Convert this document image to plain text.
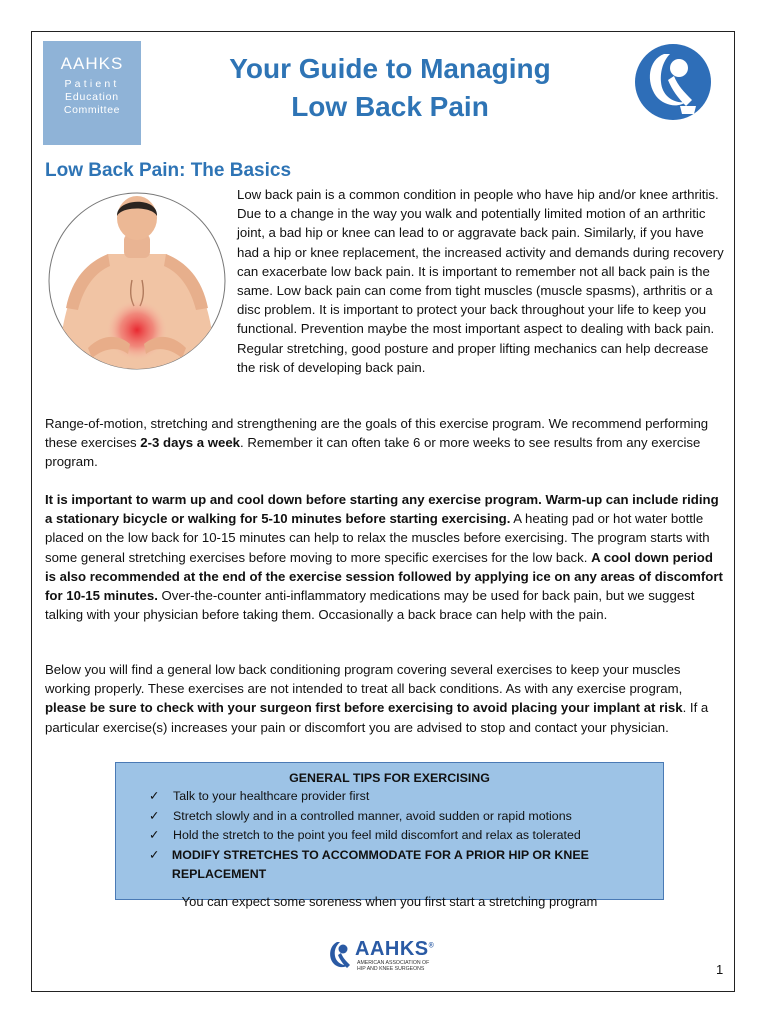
AAHKS
Patient
Education
Committee
Your Guide to Managing
Low Back Pain
Low Back Pain: The Basics
Low back pain is a common condition in people who have hip and/or knee arthritis. Due to a change in the way you walk and potentially limited motion of an arthritic joint, a bad hip or knee can lead to or aggravate back pain. Similarly, if you have had a hip or knee replacement, the increased activity and demands during recovery can exacerbate low back pain. It is important to remember not all back pain is the same. Low back pain can come from tight muscles (muscle spasms), arthritis or a disc problem. It is important to protect your back throughout your life to keep you functional. Prevention maybe the most important aspect to dealing with back pain. Regular stretching, good posture and proper lifting mechanics can help decrease the risk of developing back pain.
Range-of-motion, stretching and strengthening are the goals of this exercise program. We recommend performing these exercises 2-3 days a week. Remember it can often take 6 or more weeks to see results from any exercise program.
It is important to warm up and cool down before starting any exercise program. Warm-up can include riding a stationary bicycle or walking for 5-10 minutes before starting exercising. A heating pad or hot water bottle placed on the low back for 10-15 minutes can help to relax the muscles before exercising. The program starts with some general stretching exercises before moving to more specific exercises for the low back. A cool down period is also recommended at the end of the exercise session followed by applying ice on any areas of discomfort for 10-15 minutes. Over-the-counter anti-inflammatory medications may be used for back pain, but we suggest talking with your physician before taking them. Occasionally a back brace can help with the pain.
Below you will find a general low back conditioning program covering several exercises to keep your muscles working properly. These exercises are not intended to treat all back conditions. As with any exercise program, please be sure to check with your surgeon first before exercising to avoid placing your implant at risk. If a particular exercise(s) increases your pain or discomfort you are advised to stop and contact your physician.
GENERAL TIPS FOR EXERCISING
✓	Talk to your healthcare provider first
✓	Stretch slowly and in a controlled manner, avoid sudden or rapid motions
✓	Hold the stretch to the point you feel mild discomfort and relax as tolerated
✓	MODIFY STRETCHES TO ACCOMMODATE FOR A PRIOR HIP OR KNEE REPLACEMENT
You can expect some soreness when you first start a stretching program
AAHKS®
AMERICAN ASSOCIATION OF
HIP AND KNEE SURGEONS	1
